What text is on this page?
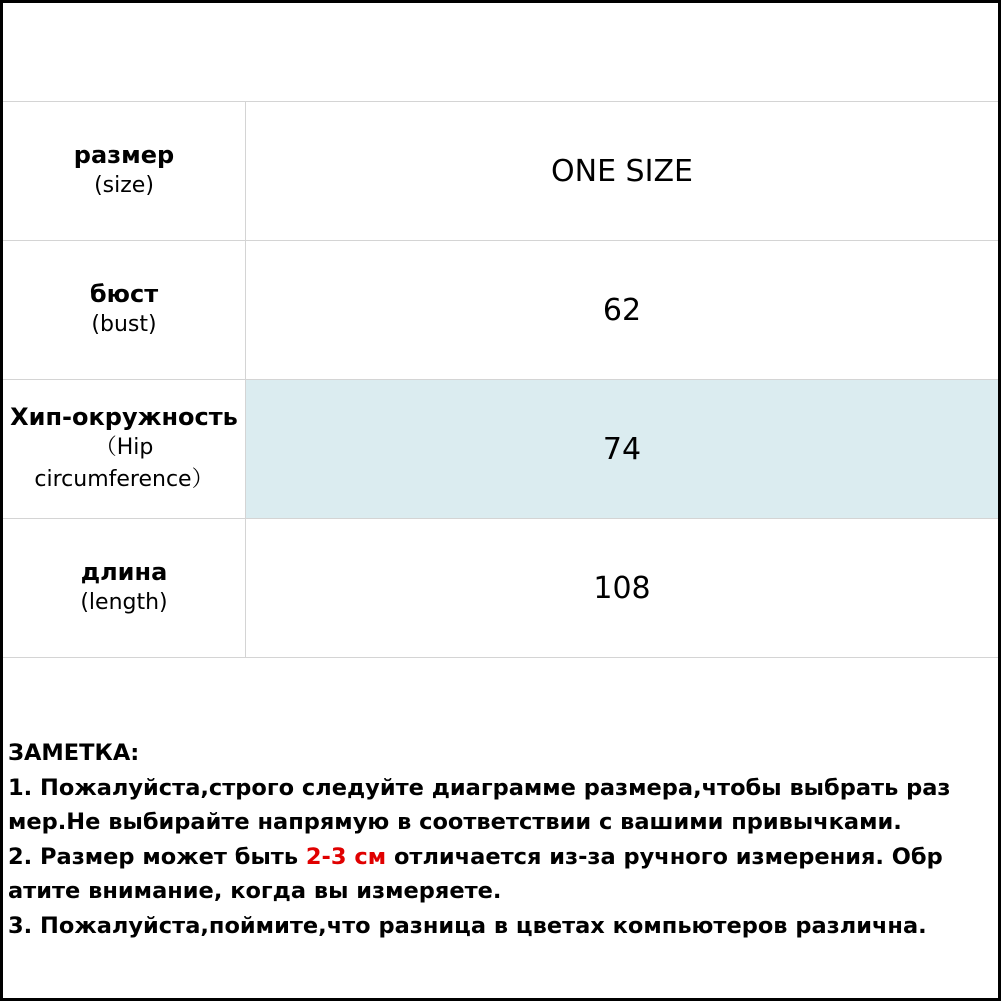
размер
(size)	ONE SIZE

бюст
(bust)	62

Хип-окружность
（Hip
circumference）	74

длина
(length)	108
ЗАМЕТКА:
1. Пожалуйста,строго следуйте диаграмме размера,чтобы выбрать раз
мер.Не выбирайте напрямую в соответствии с вашими привычками.
2. Размер может быть 2-3 см отличается из-за ручного измерения. Обр
атите внимание, когда вы измеряете.
3. Пожалуйста,поймите,что разница в цветах компьютеров различна.
